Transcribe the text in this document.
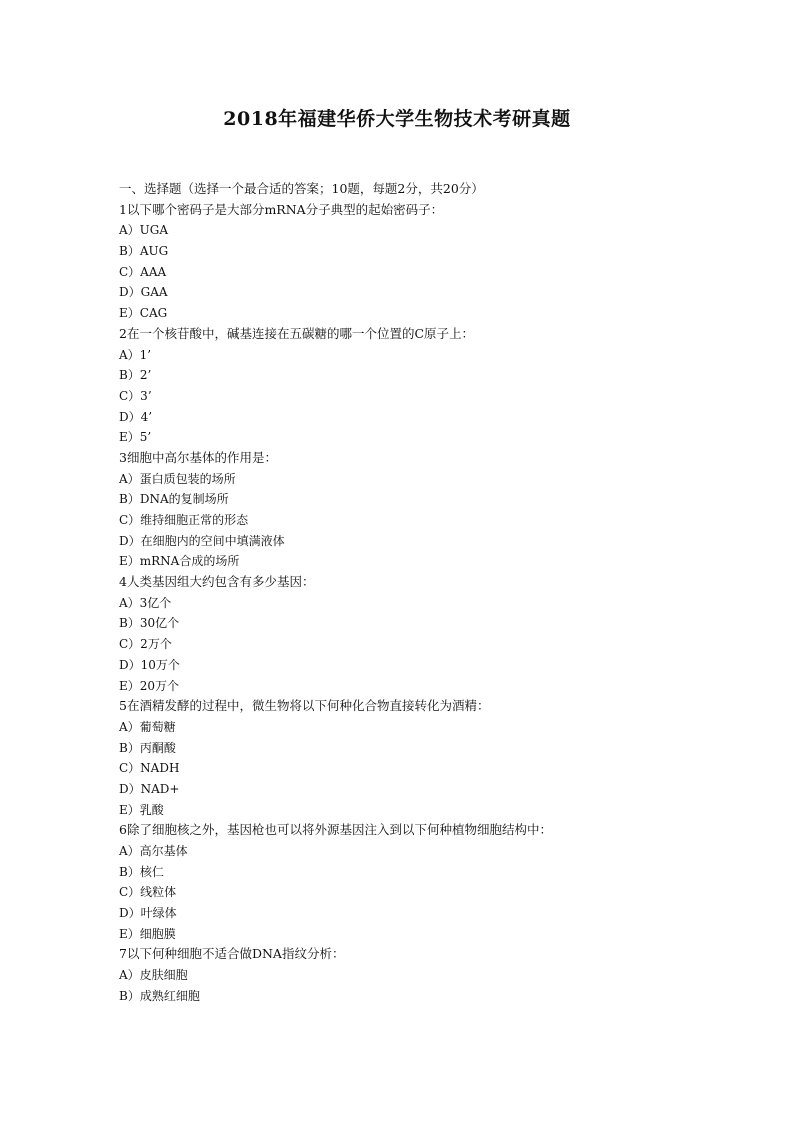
2018年福建华侨大学生物技术考研真题
一、选择题（选择一个最合适的答案；10题，每题2分，共20分）
1以下哪个密码子是大部分mRNA分子典型的起始密码子：
A）UGA
B）AUG
C）AAA
D）GAA
E）CAG
2在一个核苷酸中，碱基连接在五碳糖的哪一个位置的C原子上：
A）1’
B）2’
C）3’
D）4’
E）5’
3细胞中高尔基体的作用是：
A）蛋白质包装的场所
B）DNA的复制场所
C）维持细胞正常的形态
D）在细胞内的空间中填满液体
E）mRNA合成的场所
4人类基因组大约包含有多少基因：
A）3亿个
B）30亿个
C）2万个
D）10万个
E）20万个
5在酒精发酵的过程中，微生物将以下何种化合物直接转化为酒精：
A）葡萄糖
B）丙酮酸
C）NADH
D）NAD+
E）乳酸
6除了细胞核之外，基因枪也可以将外源基因注入到以下何种植物细胞结构中：
A）高尔基体
B）核仁
C）线粒体
D）叶绿体
E）细胞膜
7以下何种细胞不适合做DNA指纹分析：
A）皮肤细胞
B）成熟红细胞
